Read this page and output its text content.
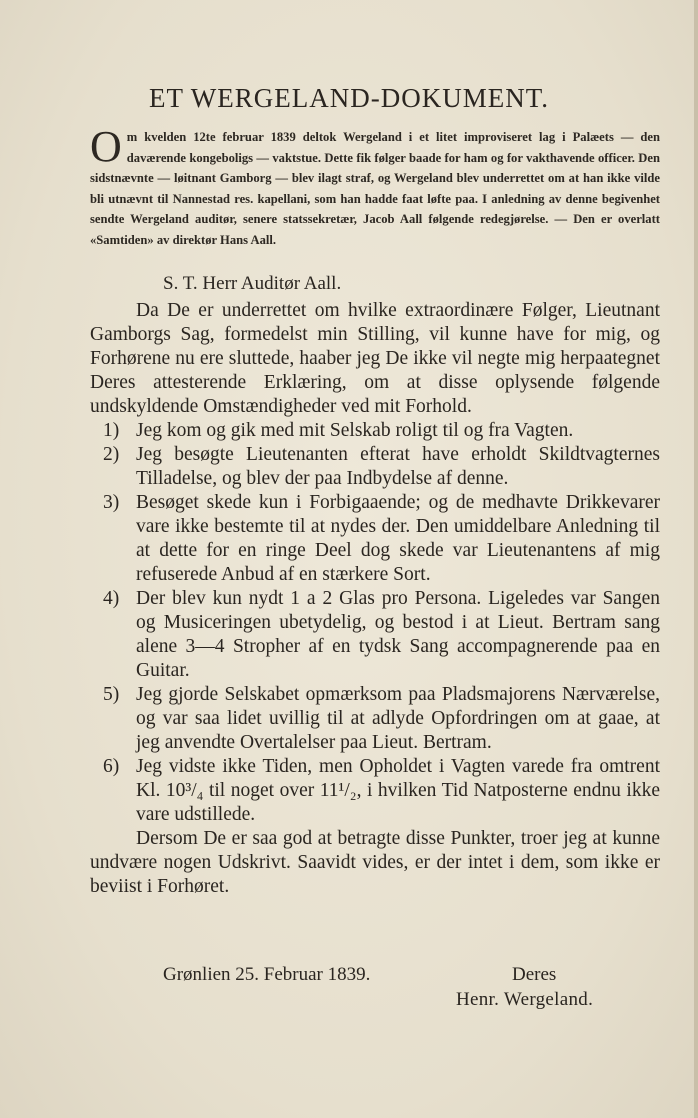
ET WERGELAND-DOKUMENT.

O m kvelden 12te februar 1839 deltok Wergeland i et litet improviseret lag i Palæets — den daværende kongeboligs — vaktstue. Dette fik følger baade for ham og for vakthavende officer. Den sidstnævnte — løitnant Gamborg — blev ilagt straf, og Wergeland blev underrettet om at han ikke vilde bli utnævnt til Nannestad res. kapellani, som han hadde faat løfte paa. I anledning av denne begivenhet sendte Wergeland auditør, senere statssekretær, Jacob Aall følgende redegjørelse. — Den er overlatt «Samtiden» av direktør Hans Aall.

S. T. Herr Auditør Aall.

Da De er underrettet om hvilke extraordinære Følger, Lieutnant Gamborgs Sag, formedelst min Stilling, vil kunne have for mig, og Forhørene nu ere sluttede, haaber jeg De ikke vil negte mig herpaategnet Deres attesterende Erklæring, om at disse oplysende følgende undskyldende Omstændigheder ved mit Forhold.

1) Jeg kom og gik med mit Selskab roligt til og fra Vagten.
2) Jeg besøgte Lieutenanten efterat have erholdt Skildtvagternes Tilladelse, og blev der paa Indbydelse af denne.
3) Besøget skede kun i Forbigaaende; og de medhavte Drikkevarer vare ikke bestemte til at nydes der. Den umiddelbare Anledning til at dette for en ringe Deel dog skede var Lieutenantens af mig refuserede Anbud af en stærkere Sort.
4) Der blev kun nydt 1 a 2 Glas pro Persona. Ligeledes var Sangen og Musiceringen ubetydelig, og bestod i at Lieut. Bertram sang alene 3—4 Stropher af en tydsk Sang accompagnerende paa en Guitar.
5) Jeg gjorde Selskabet opmærksom paa Pladsmajorens Nærværelse, og var saa lidet uvillig til at adlyde Opfordringen om at gaae, at jeg anvendte Overtalelser paa Lieut. Bertram.
6) Jeg vidste ikke Tiden, men Opholdet i Vagten varede fra omtrent Kl. 10³/₄ til noget over 11¹/₂, i hvilken Tid Natposterne endnu ikke vare udstillede.

Dersom De er saa god at betragte disse Punkter, troer jeg at kunne undvære nogen Udskrivt. Saavidt vides, er der intet i dem, som ikke er beviist i Forhøret.

Grønlien 25. Februar 1839.	Deres

Henr. Wergeland.
